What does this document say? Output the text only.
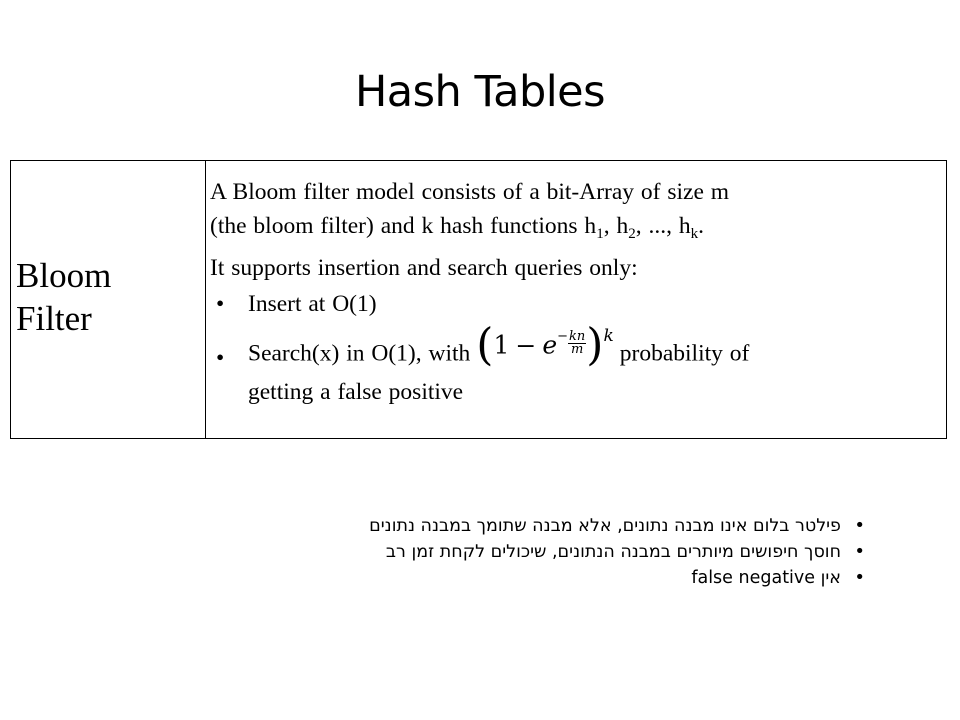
Hash Tables
Bloom
Filter

A Bloom filter model consists of a bit-Array of size m
(the bloom filter) and k hash functions $h_1$, $h_2$, ..., $h_k$.
It supports insertion and search queries only:
•	Insert at O(1)
•	Search(x) in O(1), with ($1 - e- \frac{kn}{m}$ )$^kprobability$ of
getting a false positive
• פילטר בלום אינו מבנה נתונים, אלא מבנה שתומך במבנה נתונים
• חוסך חיפושים מיותרים במבנה הנתונים, שיכולים לקחת זמן רב
• אין false negative
